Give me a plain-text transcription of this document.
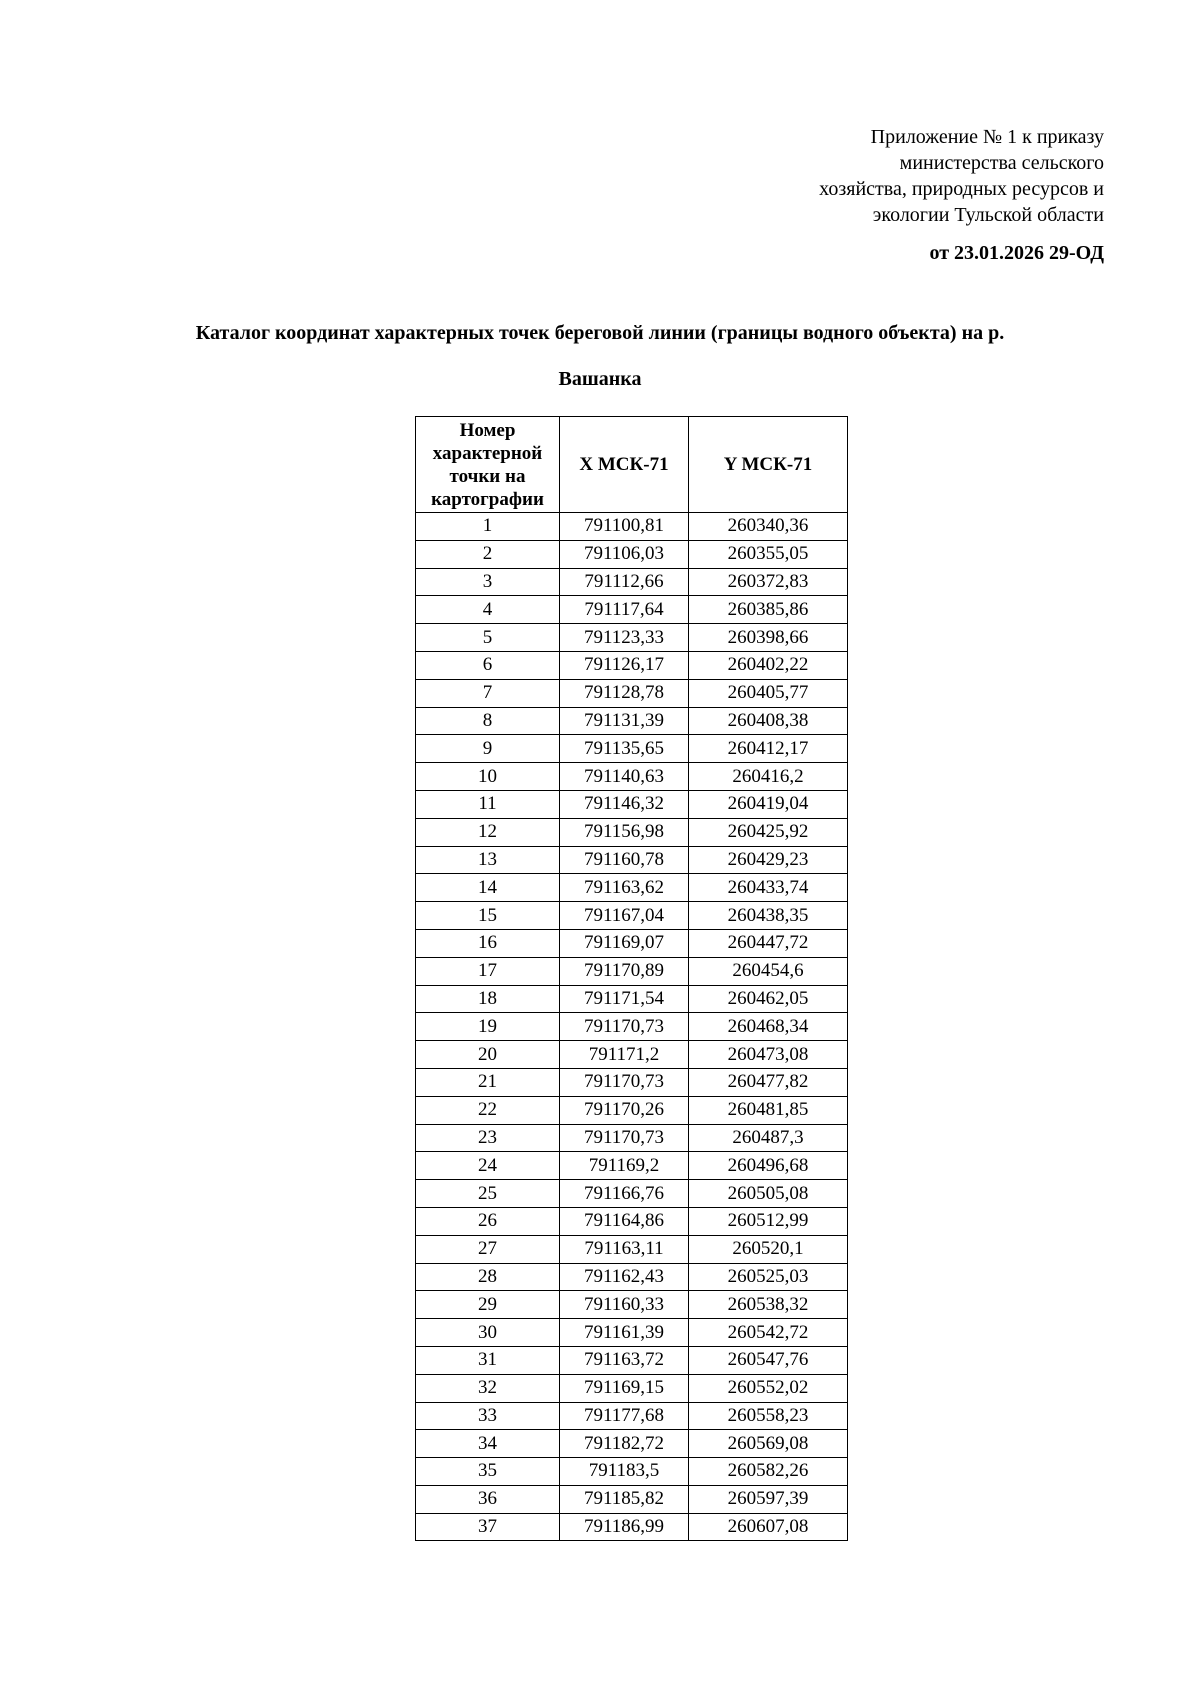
Приложение № 1 к приказу
министерства сельского
хозяйства, природных ресурсов и
экологии Тульской области
от 23.01.2026 29-ОД
Каталог координат характерных точек береговой линии (границы водного объекта) на р.
Вашанка
Номер характерной точки на картографии	X МСК-71	Y МСК-71
1	791100,81	260340,36
2	791106,03	260355,05
3	791112,66	260372,83
4	791117,64	260385,86
5	791123,33	260398,66
6	791126,17	260402,22
7	791128,78	260405,77
8	791131,39	260408,38
9	791135,65	260412,17
10	791140,63	260416,2
11	791146,32	260419,04
12	791156,98	260425,92
13	791160,78	260429,23
14	791163,62	260433,74
15	791167,04	260438,35
16	791169,07	260447,72
17	791170,89	260454,6
18	791171,54	260462,05
19	791170,73	260468,34
20	791171,2	260473,08
21	791170,73	260477,82
22	791170,26	260481,85
23	791170,73	260487,3
24	791169,2	260496,68
25	791166,76	260505,08
26	791164,86	260512,99
27	791163,11	260520,1
28	791162,43	260525,03
29	791160,33	260538,32
30	791161,39	260542,72
31	791163,72	260547,76
32	791169,15	260552,02
33	791177,68	260558,23
34	791182,72	260569,08
35	791183,5	260582,26
36	791185,82	260597,39
37	791186,99	260607,08
